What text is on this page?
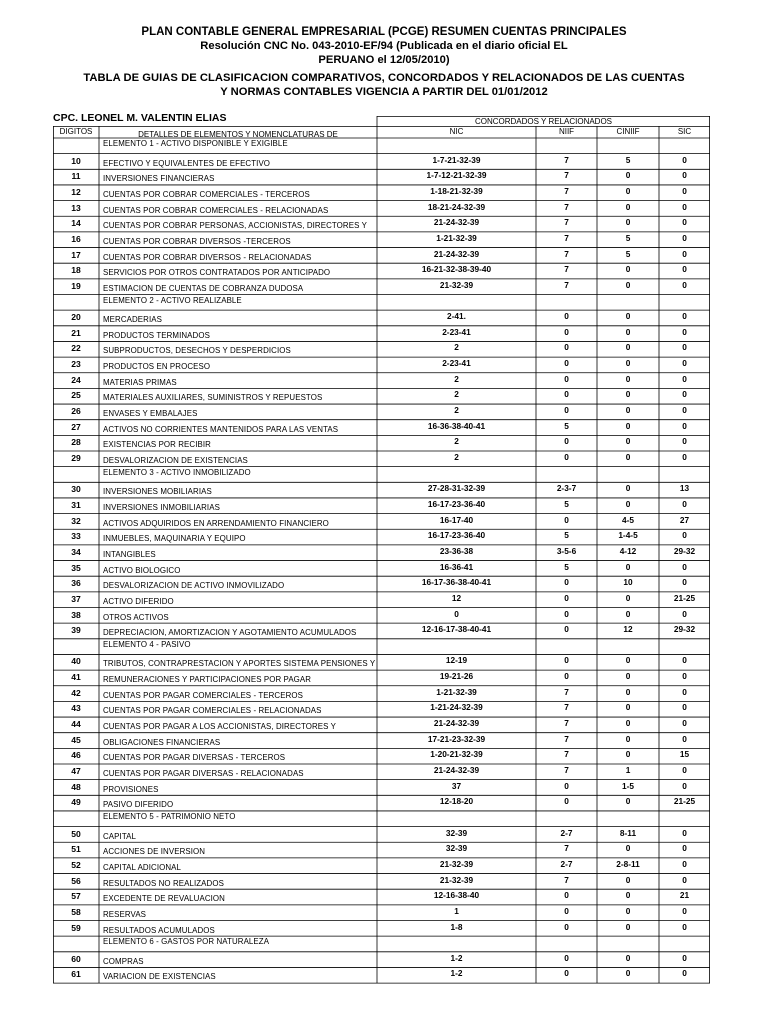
PLAN CONTABLE GENERAL EMPRESARIAL (PCGE) RESUMEN CUENTAS PRINCIPALES
Resolución CNC No. 043-2010-EF/94 (Publicada en el diario oficial EL
PERUANO el 12/05/2010)
TABLA DE GUIAS DE CLASIFICACION COMPARATIVOS, CONCORDADOS Y RELACIONADOS DE LAS CUENTAS
Y NORMAS CONTABLES VIGENCIA A PARTIR DEL 01/01/2012
CPC. LEONEL M. VALENTIN ELIAS	CONCORDADOS Y RELACIONADOS
DIGITOS	DETALLES DE ELEMENTOS Y NOMENCLATURAS DE	NIC	NIIF	CINIIF	SIC
ELEMENTO 1 - ACTIVO DISPONIBLE Y EXIGIBLE
10	EFECTIVO Y EQUIVALENTES DE EFECTIVO	1-7-21-32-39	7	5	0
11	INVERSIONES FINANCIERAS	1-7-12-21-32-39	7	0	0
12	CUENTAS POR COBRAR COMERCIALES - TERCEROS	1-18-21-32-39	7	0	0
13	CUENTAS POR COBRAR COMERCIALES - RELACIONADAS	18-21-24-32-39	7	0	0
14	CUENTAS POR COBRAR PERSONAS, ACCIONISTAS, DIRECTORES Y	21-24-32-39	7	0	0
16	CUENTAS POR COBRAR DIVERSOS -TERCEROS	1-21-32-39	7	5	0
17	CUENTAS POR COBRAR DIVERSOS - RELACIONADAS	21-24-32-39	7	5	0
18	SERVICIOS POR OTROS CONTRATADOS POR ANTICIPADO	16-21-32-38-39-40	7	0	0
19	ESTIMACION DE CUENTAS DE COBRANZA DUDOSA	21-32-39	7	0	0
ELEMENTO 2 - ACTIVO REALIZABLE
20	MERCADERIAS	2-41.	0	0	0
21	PRODUCTOS TERMINADOS	2-23-41	0	0	0
22	SUBPRODUCTOS, DESECHOS Y DESPERDICIOS	2	0	0	0
23	PRODUCTOS EN PROCESO	2-23-41	0	0	0
24	MATERIAS PRIMAS	2	0	0	0
25	MATERIALES AUXILIARES, SUMINISTROS Y REPUESTOS	2	0	0	0
26	ENVASES Y EMBALAJES	2	0	0	0
27	ACTIVOS NO CORRIENTES MANTENIDOS PARA LAS VENTAS	16-36-38-40-41	5	0	0
28	EXISTENCIAS POR RECIBIR	2	0	0	0
29	DESVALORIZACION DE EXISTENCIAS	2	0	0	0
ELEMENTO 3 - ACTIVO INMOBILIZADO
30	INVERSIONES MOBILIARIAS	27-28-31-32-39	2-3-7	0	13
31	INVERSIONES INMOBILIARIAS	16-17-23-36-40	5	0	0
32	ACTIVOS ADQUIRIDOS EN ARRENDAMIENTO FINANCIERO	16-17-40	0	4-5	27
33	INMUEBLES, MAQUINARIA Y EQUIPO	16-17-23-36-40	5	1-4-5	0
34	INTANGIBLES	23-36-38	3-5-6	4-12	29-32
35	ACTIVO BIOLOGICO	16-36-41	5	0	0
36	DESVALORIZACION DE ACTIVO INMOVILIZADO	16-17-36-38-40-41	0	10	0
37	ACTIVO DIFERIDO	12	0	0	21-25
38	OTROS ACTIVOS	0	0	0	0
39	DEPRECIACION, AMORTIZACION Y AGOTAMIENTO ACUMULADOS	12-16-17-38-40-41	0	12	29-32
ELEMENTO 4 - PASIVO
40	TRIBUTOS, CONTRAPRESTACION Y APORTES SISTEMA PENSIONES Y	12-19	0	0	0
41	REMUNERACIONES Y PARTICIPACIONES POR PAGAR	19-21-26	0	0	0
42	CUENTAS POR PAGAR COMERCIALES - TERCEROS	1-21-32-39	7	0	0
43	CUENTAS POR PAGAR COMERCIALES - RELACIONADAS	1-21-24-32-39	7	0	0
44	CUENTAS POR PAGAR A LOS ACCIONISTAS, DIRECTORES Y	21-24-32-39	7	0	0
45	OBLIGACIONES FINANCIERAS	17-21-23-32-39	7	0	0
46	CUENTAS POR PAGAR DIVERSAS - TERCEROS	1-20-21-32-39	7	0	15
47	CUENTAS POR PAGAR DIVERSAS - RELACIONADAS	21-24-32-39	7	1	0
48	PROVISIONES	37	0	1-5	0
49	PASIVO DIFERIDO	12-18-20	0	0	21-25
ELEMENTO 5 - PATRIMONIO NETO
50	CAPITAL	32-39	2-7	8-11	0
51	ACCIONES DE INVERSION	32-39	7	0	0
52	CAPITAL ADICIONAL	21-32-39	2-7	2-8-11	0
56	RESULTADOS NO REALIZADOS	21-32-39	7	0	0
57	EXCEDENTE DE REVALUACION	12-16-38-40	0	0	21
58	RESERVAS	1	0	0	0
59	RESULTADOS ACUMULADOS	1-8	0	0	0
ELEMENTO 6 - GASTOS POR NATURALEZA
60	COMPRAS	1-2	0	0	0
61	VARIACION DE EXISTENCIAS	1-2	0	0	0
